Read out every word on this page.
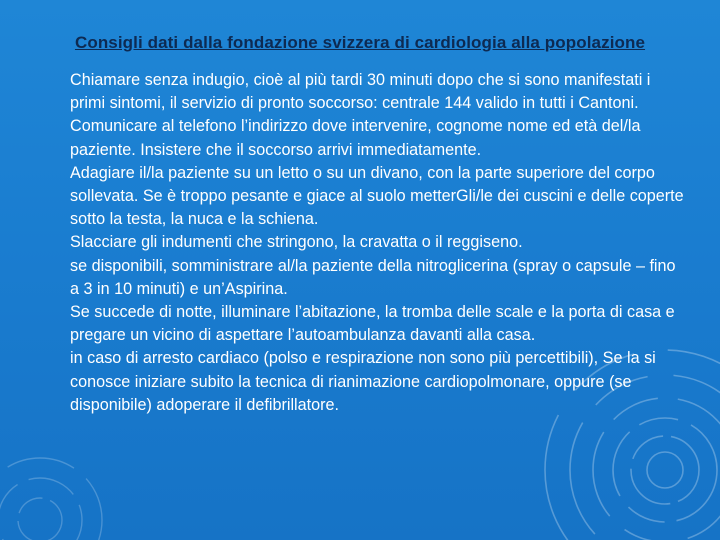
Consigli dati dalla fondazione svizzera di cardiologia alla popolazione

Chiamare senza indugio, cioè al più tardi 30 minuti dopo che si sono manifestati i primi sintomi, il servizio di pronto soccorso: centrale 144 valido in tutti i Cantoni.

Comunicare al telefono l’indirizzo dove intervenire, cognome nome ed età del/la paziente. Insistere che il soccorso arrivi immediatamente.

Adagiare il/la paziente su un letto o su un divano, con la parte superiore del corpo sollevata. Se è troppo pesante e giace al suolo metterGli/le dei cuscini e delle coperte sotto la testa, la nuca e la schiena.

Slacciare gli indumenti che stringono, la cravatta o il reggiseno.

se disponibili, somministrare al/la paziente della nitroglicerina (spray o capsule – fino a 3 in 10 minuti) e un’Aspirina.

Se succede di notte, illuminare l’abitazione, la tromba delle scale e la porta di casa e pregare un vicino di aspettare l’autoambulanza davanti alla casa.

in caso di arresto cardiaco (polso e respirazione non sono più percettibili), Se la si conosce iniziare subito la tecnica di rianimazione cardiopolmonare, oppure (se disponibile) adoperare il defibrillatore.
